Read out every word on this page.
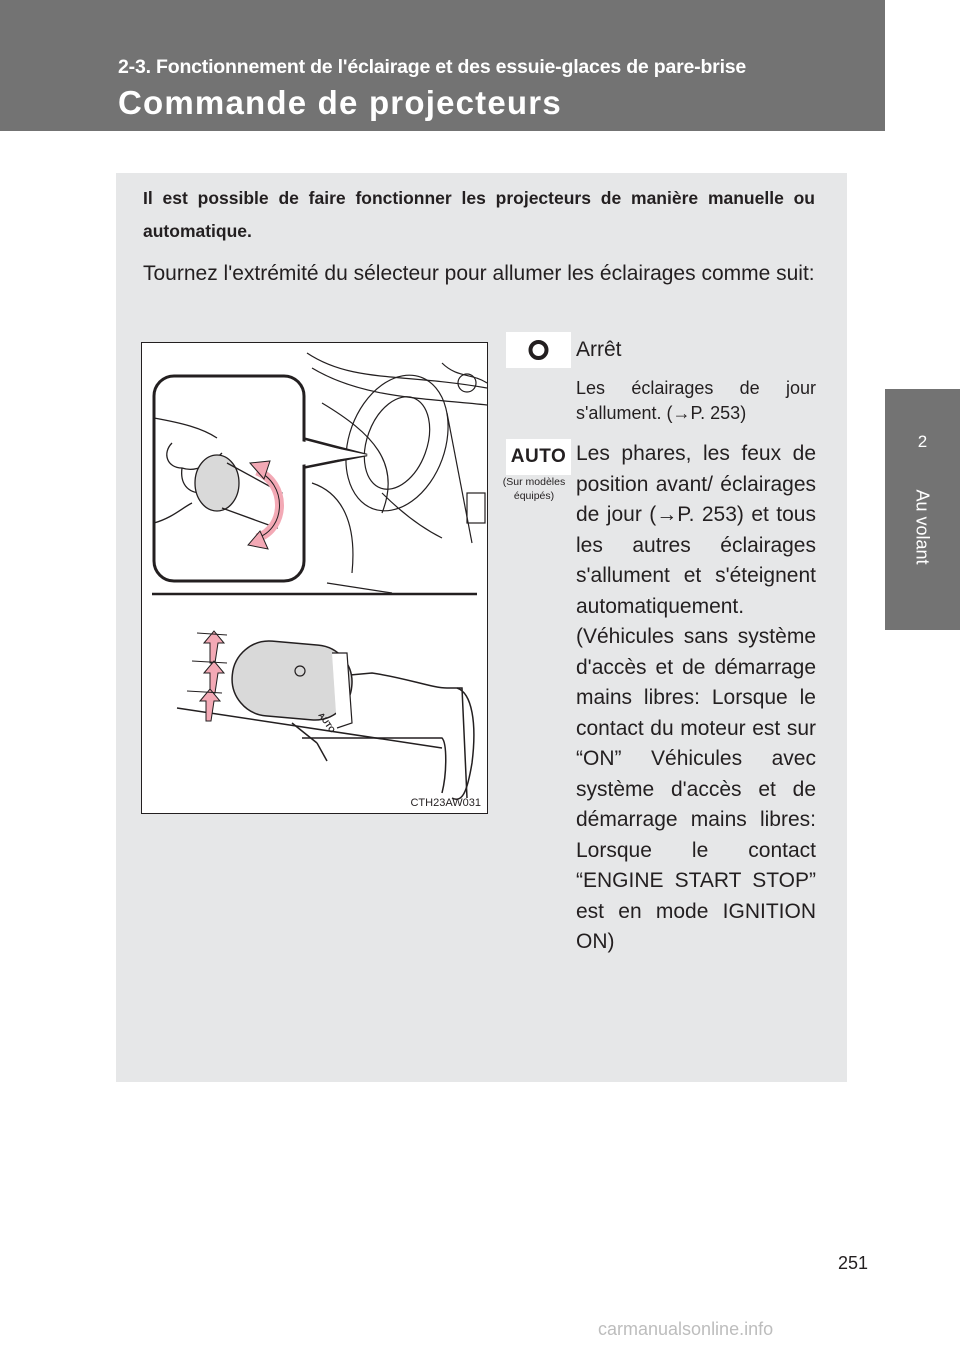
2-3. Fonctionnement de l'éclairage et des essuie-glaces de pare-brise
Commande de projecteurs
2
Au volant
Il est possible de faire fonctionner les projecteurs de manière manuelle ou automatique.
Tournez l'extrémité du sélecteur pour allumer les éclairages comme suit:
AUTO
CTH23AW031
Arrêt
Les éclairages de jour s'allument. (→P. 253)
AUTO
(Sur modèles équipés)
Les phares, les feux de position avant/ éclairages de jour (→P. 253) et tous les autres éclairages s'allument et s'éteignent automatiquement. (Véhicules sans système d'accès et de démarrage mains libres: Lorsque le contact du moteur est sur “ON” Véhicules avec système d'accès et de démarrage mains libres: Lorsque le contact “ENGINE START STOP” est en mode IGNITION ON)
251
carmanualsonline.info
